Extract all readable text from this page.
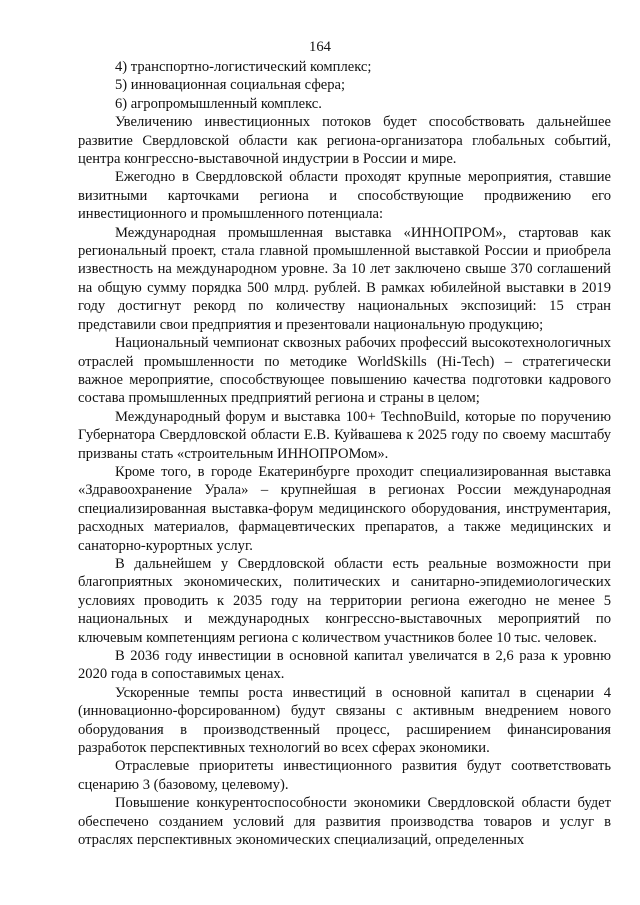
164

4) транспортно-логистический комплекс;

5) инновационная социальная сфера;

6) агропромышленный комплекс.

Увеличению инвестиционных потоков будет способствовать дальнейшее развитие Свердловской области как региона-организатора глобальных событий, центра конгрессно-выставочной индустрии в России и мире.

Ежегодно в Свердловской области проходят крупные мероприятия, ставшие визитными карточками региона и способствующие продвижению его инвестиционного и промышленного потенциала:

Международная промышленная выставка «ИННОПРОМ», стартовав как региональный проект, стала главной промышленной выставкой России и приобрела известность на международном уровне. За 10 лет заключено свыше 370 соглашений на общую сумму порядка 500 млрд. рублей. В рамках юбилейной выставки в 2019 году достигнут рекорд по количеству национальных экспозиций: 15 стран представили свои предприятия и презентовали национальную продукцию;

Национальный чемпионат сквозных рабочих профессий высокотехнологичных отраслей промышленности по методике WorldSkills (Hi-Tech) – стратегически важное мероприятие, способствующее повышению качества подготовки кадрового состава промышленных предприятий региона и страны в целом;

Международный форум и выставка 100+ TechnoBuild, которые по поручению Губернатора Свердловской области Е.В. Куйвашева к 2025 году по своему масштабу призваны стать «строительным ИННОПРОМом».

Кроме того, в городе Екатеринбурге проходит специализированная выставка «Здравоохранение Урала» – крупнейшая в регионах России международная специализированная выставка-форум медицинского оборудования, инструментария, расходных материалов, фармацевтических препаратов, а также медицинских и санаторно-курортных услуг.

В дальнейшем у Свердловской области есть реальные возможности при благоприятных экономических, политических и санитарно-эпидемиологических условиях проводить к 2035 году на территории региона ежегодно не менее 5 национальных и международных конгрессно-выставочных мероприятий по ключевым компетенциям региона с количеством участников более 10 тыс. человек.

В 2036 году инвестиции в основной капитал увеличатся в 2,6 раза к уровню 2020 года в сопоставимых ценах.

Ускоренные темпы роста инвестиций в основной капитал в сценарии 4 (инновационно-форсированном) будут связаны с активным внедрением нового оборудования в производственный процесс, расширением финансирования разработок перспективных технологий во всех сферах экономики.

Отраслевые приоритеты инвестиционного развития будут соответствовать сценарию 3 (базовому, целевому).

Повышение конкурентоспособности экономики Свердловской области будет обеспечено созданием условий для развития производства товаров и услуг в отраслях перспективных экономических специализаций, определенных
